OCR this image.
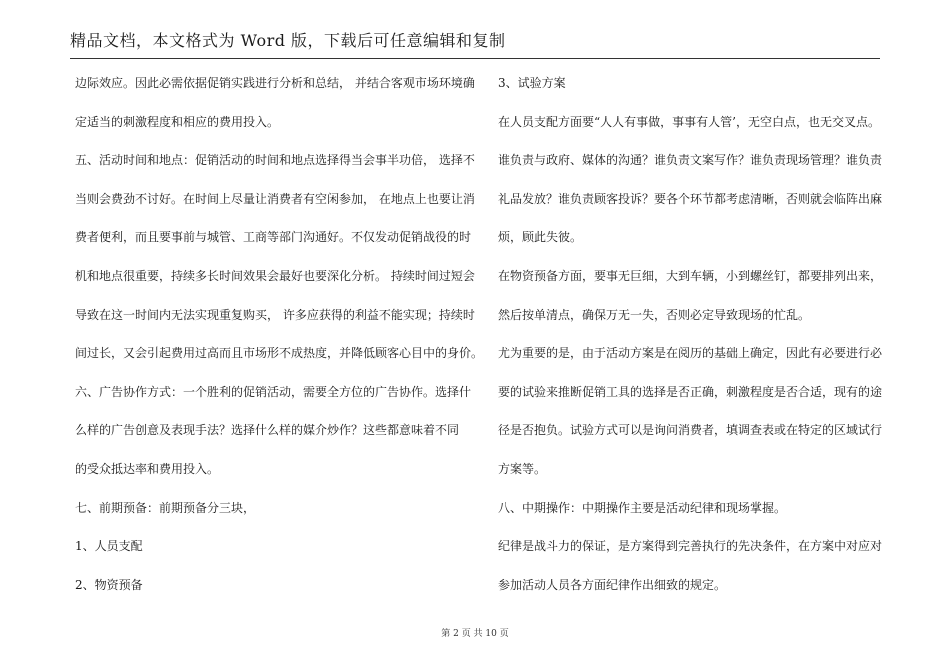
精品文档，本文格式为 Word 版，下载后可任意编辑和复制
边际效应。因此必需依据促销实践进行分析和总结， 并结合客观市场环境确
定适当的刺激程度和相应的费用投入。
五、活动时间和地点：促销活动的时间和地点选择得当会事半功倍， 选择不
当则会费劲不讨好。在时间上尽量让消费者有空闲参加， 在地点上也要让消
费者便利，而且要事前与城管、工商等部门沟通好。不仅发动促销战役的时
机和地点很重要，持续多长时间效果会最好也要深化分析。 持续时间过短会
导致在这一时间内无法实现重复购买， 许多应获得的利益不能实现；持续时
间过长，又会引起费用过高而且市场形不成热度，并降低顾客心目中的身价。
六、广告协作方式：一个胜利的促销活动，需要全方位的广告协作。选择什
么样的广告创意及表现手法？选择什么样的媒介炒作？这些都意味着不同
的受众抵达率和费用投入。
七、前期预备：前期预备分三块，
1、人员支配
2、物资预备
3、试验方案
在人员支配方面要“人人有事做，事事有人管’，无空白点，也无交叉点。
谁负责与政府、媒体的沟通？谁负责文案写作？谁负责现场管理？谁负责
礼品发放？谁负责顾客投诉？要各个环节都考虑清晰，否则就会临阵出麻
烦，顾此失彼。
在物资预备方面，要事无巨细，大到车辆，小到螺丝钉，都要排列出来，
然后按单清点，确保万无一失，否则必定导致现场的忙乱。
尤为重要的是，由于活动方案是在阅历的基础上确定，因此有必要进行必
要的试验来推断促销工具的选择是否正确，刺激程度是否合适，现有的途
径是否抱负。试验方式可以是询问消费者，填调查表或在特定的区域试行
方案等。
八、中期操作：中期操作主要是活动纪律和现场掌握。
纪律是战斗力的保证，是方案得到完善执行的先决条件，在方案中对应对
参加活动人员各方面纪律作出细致的规定。
第 2 页 共 10 页
